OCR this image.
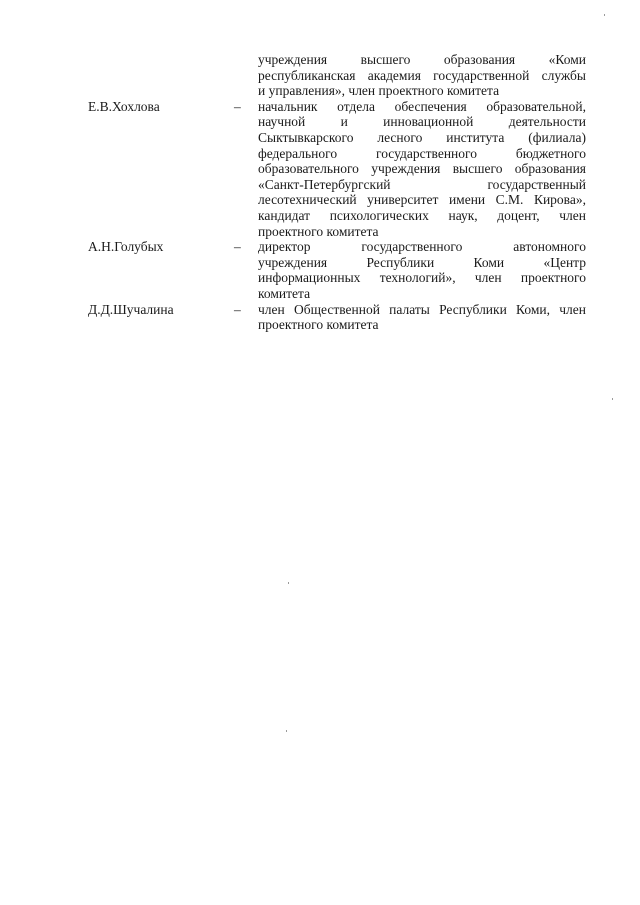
учреждения высшего образования «Коми
республиканская академия государственной службы
и управления», член проектного комитета
Е.В.Хохлова	–	начальник отдела обеспечения образовательной,
научной и инновационной деятельности
Сыктывкарского лесного института (филиала)
федерального государственного бюджетного
образовательного учреждения высшего образования
«Санкт-Петербургский государственный
лесотехнический университет имени С.М. Кирова»,
кандидат психологических наук, доцент, член
проектного комитета
А.Н.Голубых	–	директор государственного автономного
учреждения Республики Коми «Центр
информационных технологий», член проектного
комитета
Д.Д.Шучалина	–	член Общественной палаты Республики Коми, член
проектного комитета
